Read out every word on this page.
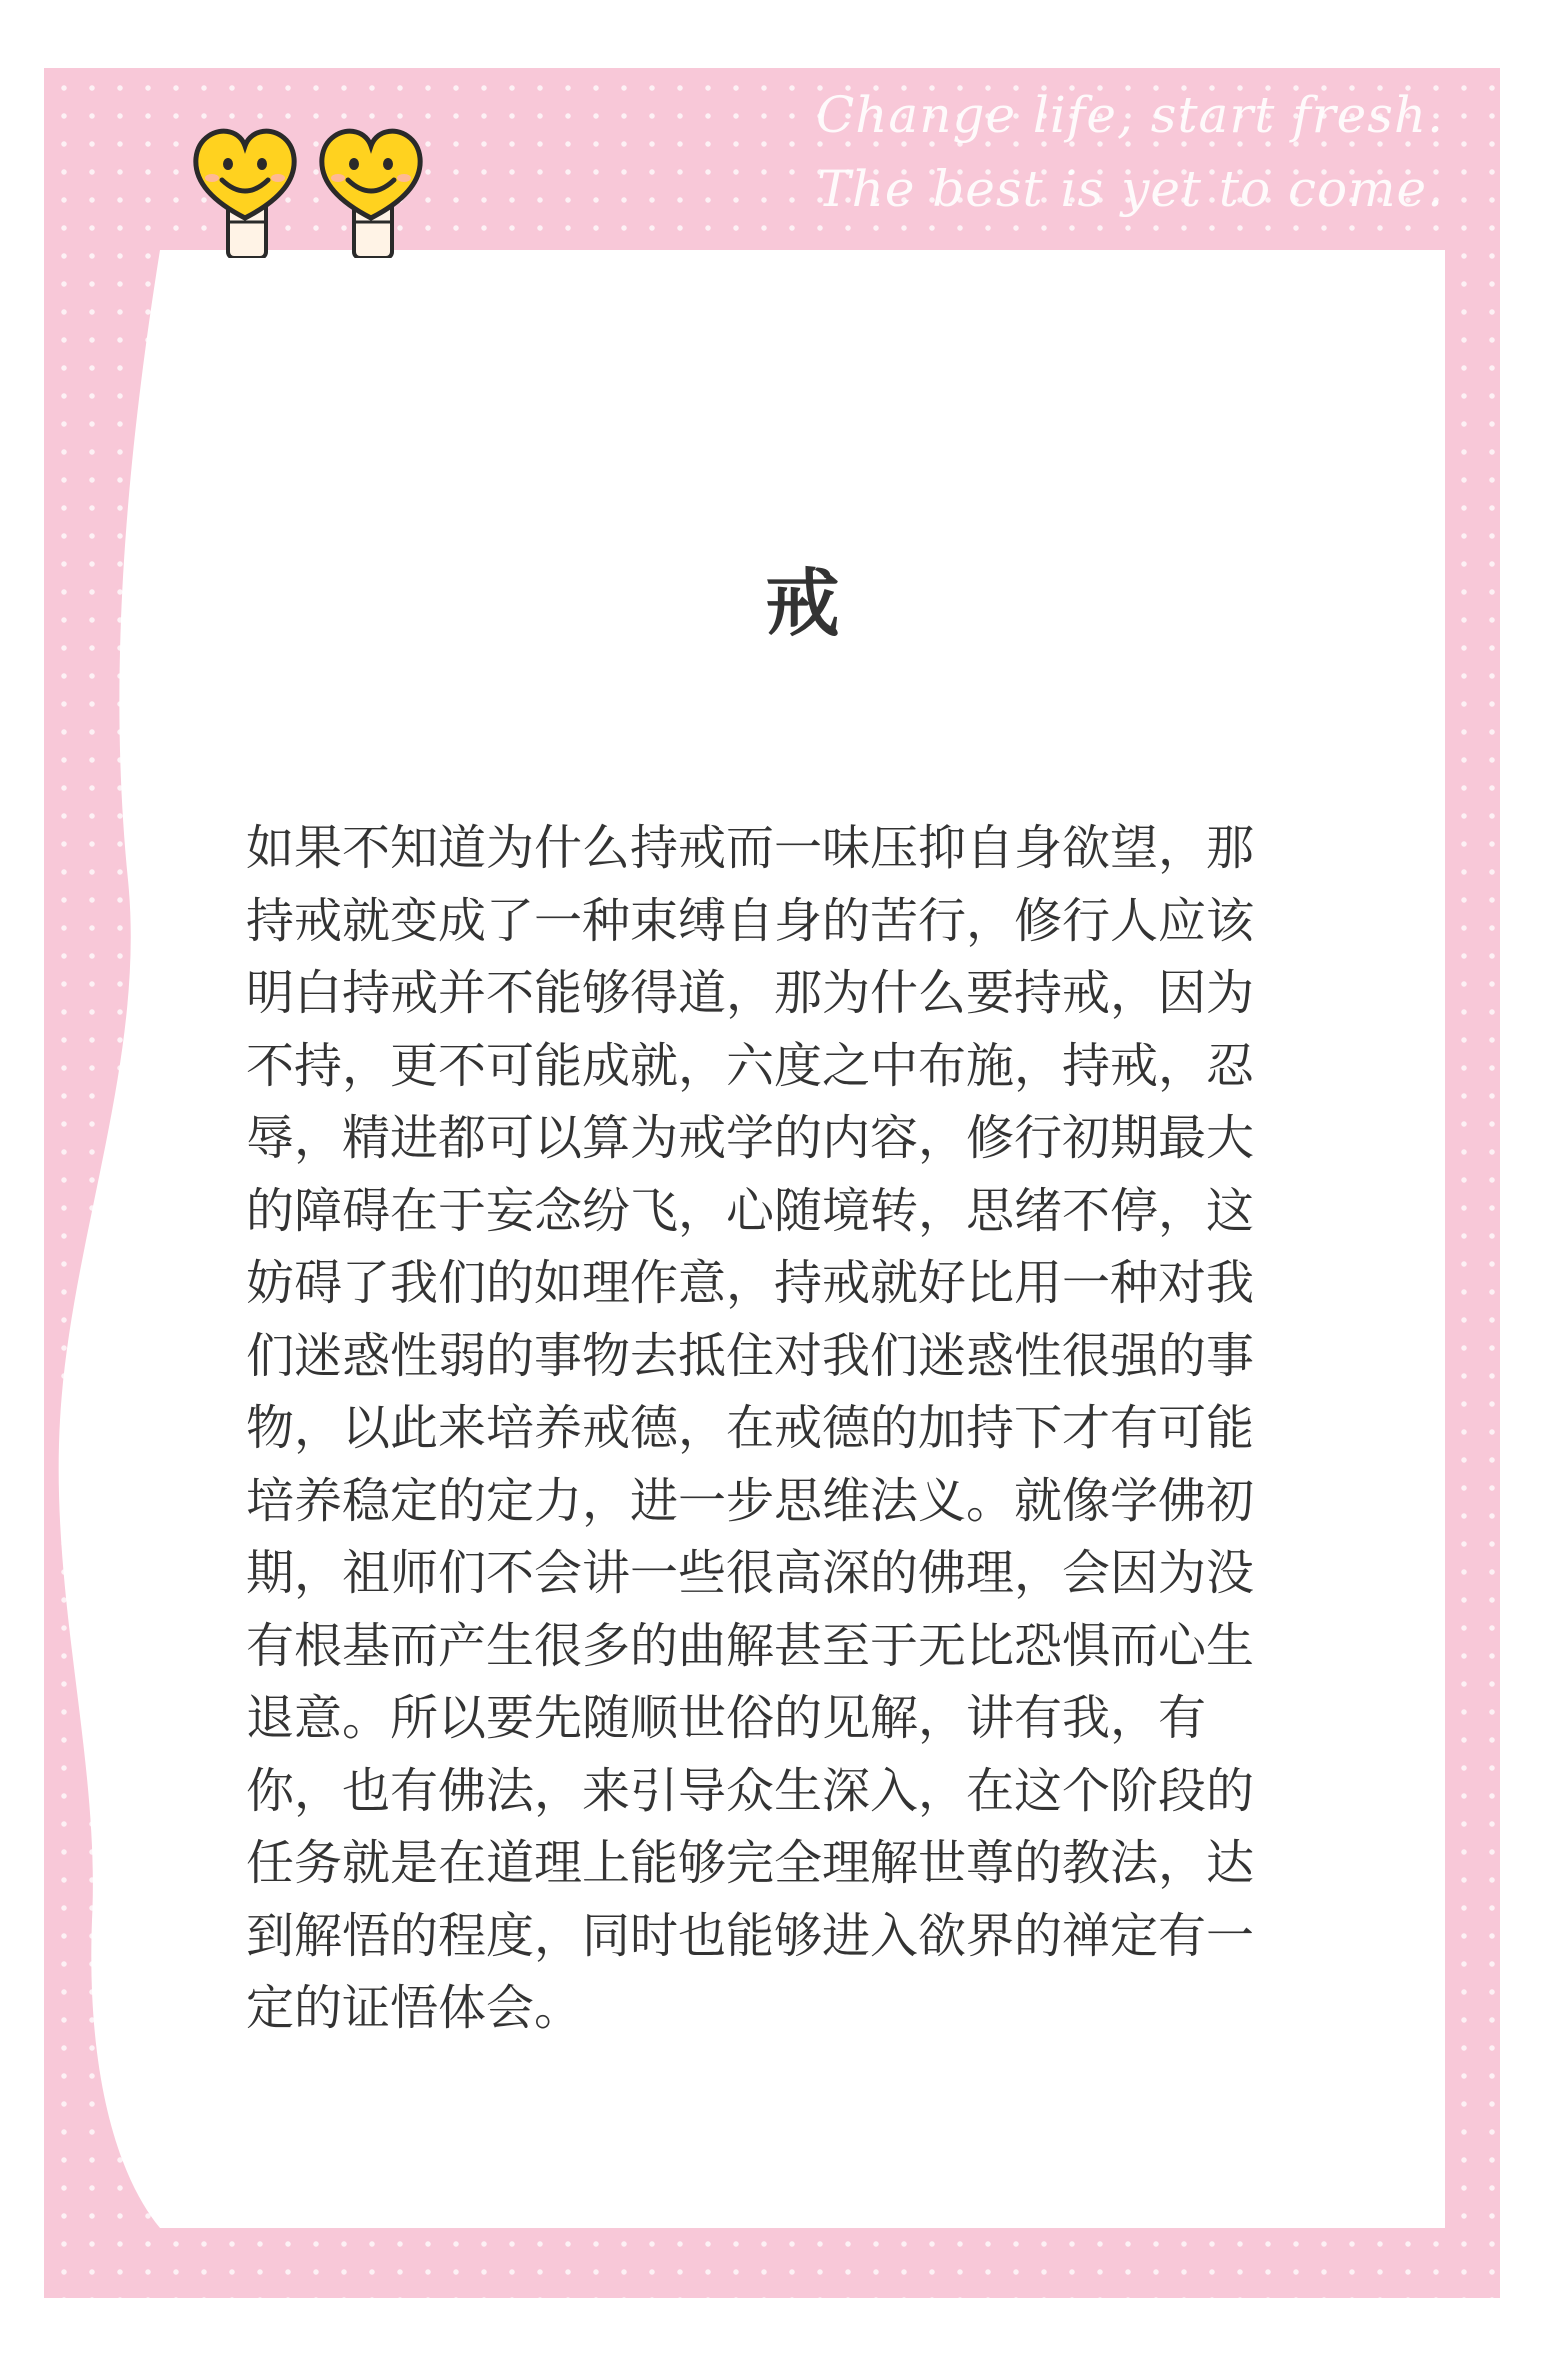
Change life, start fresh.
The best is yet to come.
戒
如果不知道为什么持戒而一味压抑自身欲望，那
持戒就变成了一种束缚自身的苦行，修行人应该
明白持戒并不能够得道，那为什么要持戒，因为
不持，更不可能成就，六度之中布施，持戒，忍
辱，精进都可以算为戒学的内容，修行初期最大
的障碍在于妄念纷飞，心随境转，思绪不停，这
妨碍了我们的如理作意，持戒就好比用一种对我
们迷惑性弱的事物去抵住对我们迷惑性很强的事
物，以此来培养戒德，在戒德的加持下才有可能
培养稳定的定力，进一步思维法义。就像学佛初
期，祖师们不会讲一些很高深的佛理，会因为没
有根基而产生很多的曲解甚至于无比恐惧而心生
退意。所以要先随顺世俗的见解，讲有我，有
你，也有佛法，来引导众生深入，在这个阶段的
任务就是在道理上能够完全理解世尊的教法，达
到解悟的程度，同时也能够进入欲界的禅定有一
定的证悟体会。
